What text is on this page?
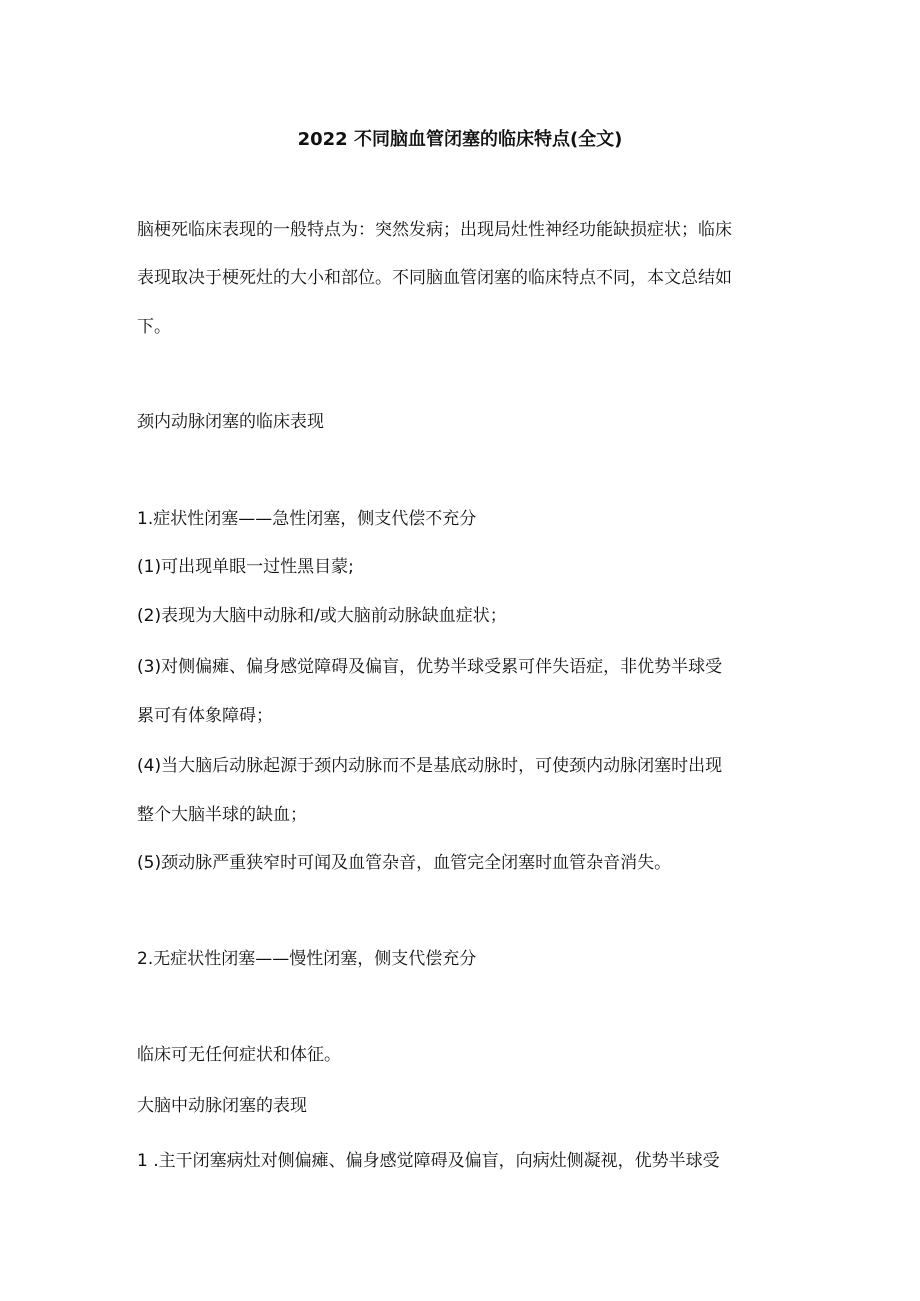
2022 不同脑血管闭塞的临床特点(全文)
脑梗死临床表现的一般特点为：突然发病；出现局灶性神经功能缺损症状；临床
表现取决于梗死灶的大小和部位。不同脑血管闭塞的临床特点不同，本文总结如
下。
颈内动脉闭塞的临床表现
1.症状性闭塞——急性闭塞，侧支代偿不充分
(1)可出现单眼一过性黑目蒙;
(2)表现为大脑中动脉和/或大脑前动脉缺血症状；
(3)对侧偏瘫、偏身感觉障碍及偏盲，优势半球受累可伴失语症，非优势半球受
累可有体象障碍；
(4)当大脑后动脉起源于颈内动脉而不是基底动脉时，可使颈内动脉闭塞时出现
整个大脑半球的缺血；
(5)颈动脉严重狭窄时可闻及血管杂音，血管完全闭塞时血管杂音消失。
2.无症状性闭塞——慢性闭塞，侧支代偿充分
临床可无任何症状和体征。
大脑中动脉闭塞的表现
1 .主干闭塞病灶对侧偏瘫、偏身感觉障碍及偏盲，向病灶侧凝视，优势半球受
